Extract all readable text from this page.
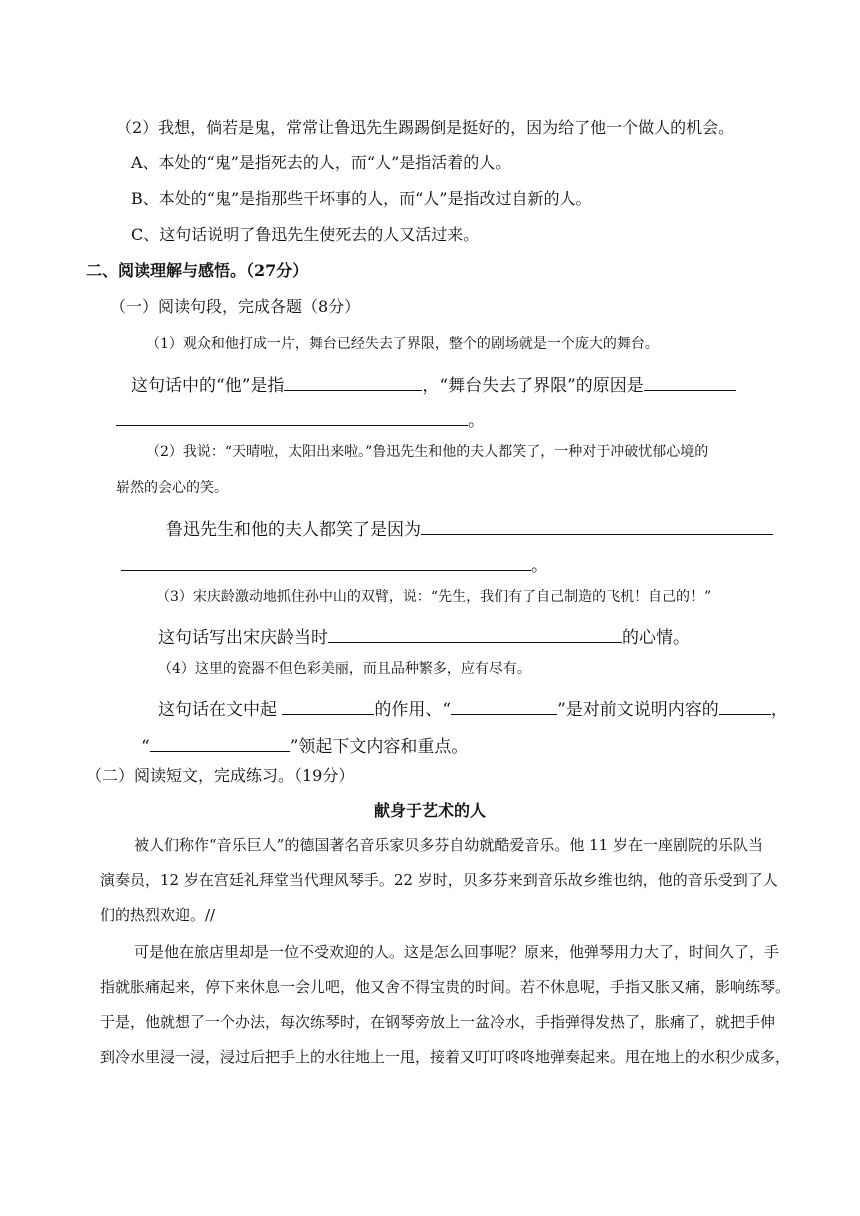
（2）我想，倘若是鬼，常常让鲁迅先生踢踢倒是挺好的，因为给了他一个做人的机会。
A、本处的“鬼”是指死去的人，而“人”是指活着的人。
B、本处的“鬼”是指那些干坏事的人，而“人”是指改过自新的人。
C、这句话说明了鲁迅先生使死去的人又活过来。
二、阅读理解与感悟。（27分）
（一）阅读句段，完成各题（8分）
（1）观众和他打成一片，舞台已经失去了界限，整个的剧场就是一个庞大的舞台。
这句话中的“他”是指	，“舞台失去了界限”的原因是
。
（2）我说：“天晴啦，太阳出来啦。”鲁迅先生和他的夫人都笑了，一种对于冲破忧郁心境的
崭然的会心的笑。
鲁迅先生和他的夫人都笑了是因为
。
（3）宋庆龄激动地抓住孙中山的双臂，说：“先生，我们有了自己制造的飞机！自己的！”
这句话写出宋庆龄当时	的心情。
（4）这里的瓷器不但色彩美丽，而且品种繁多，应有尽有。
这句话在文中起	的作用、“	”是对前文说明内容的	，
“	”领起下文内容和重点。
（二）阅读短文，完成练习。（19分）
献身于艺术的人
被人们称作“音乐巨人”的德国著名音乐家贝多芬自幼就酷爱音乐。他 11 岁在一座剧院的乐队当
演奏员，12 岁在宫廷礼拜堂当代理风琴手。22 岁时，贝多芬来到音乐故乡维也纳，他的音乐受到了人
们的热烈欢迎。//
可是他在旅店里却是一位不受欢迎的人。这是怎么回事呢？原来，他弹琴用力大了，时间久了，手
指就胀痛起来，停下来休息一会儿吧，他又舍不得宝贵的时间。若不休息呢，手指又胀又痛，影响练琴。
于是，他就想了一个办法，每次练琴时，在钢琴旁放上一盆冷水，手指弹得发热了，胀痛了，就把手伸
到冷水里浸一浸，浸过后把手上的水往地上一甩，接着又叮叮咚咚地弹奏起来。甩在地上的水积少成多，
